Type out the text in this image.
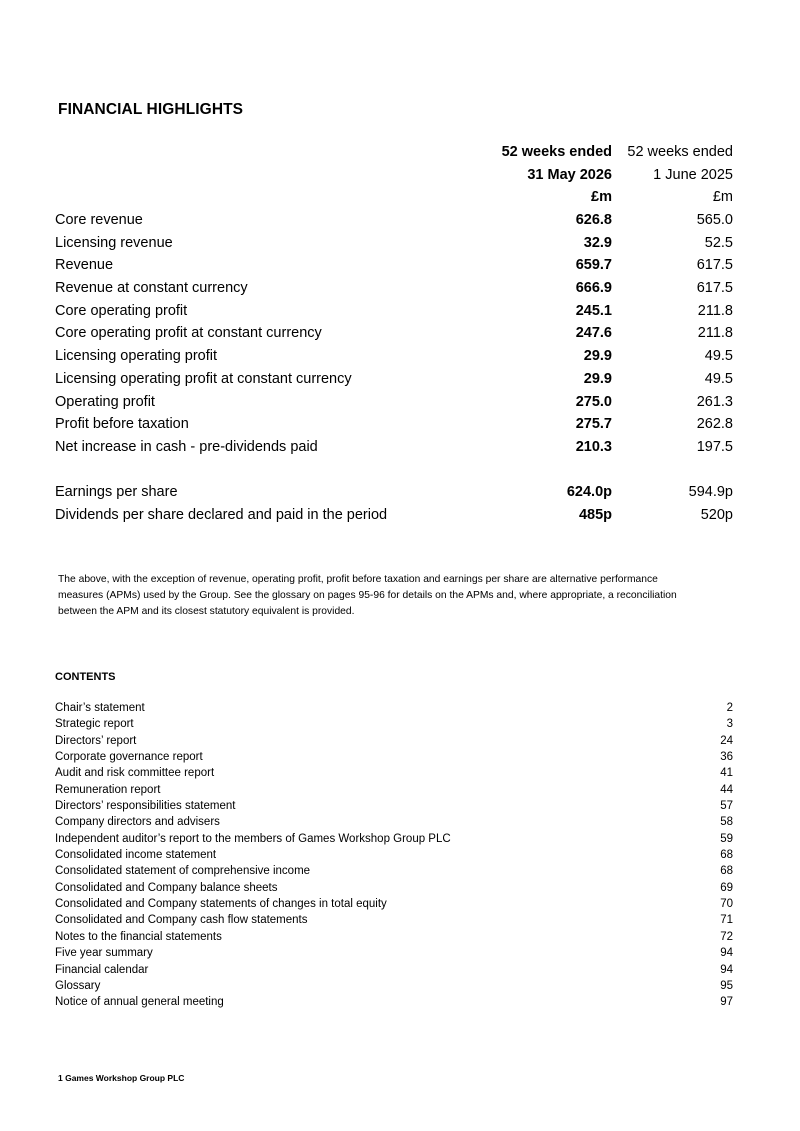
FINANCIAL HIGHLIGHTS
52 weeks ended 52 weeks ended
31 May 2026	1 June 2025
£m	£m
Core revenue	626.8	565.0
Licensing revenue	32.9	52.5
Revenue	659.7	617.5
Revenue at constant currency	666.9	617.5
Core operating profit	245.1	211.8
Core operating profit at constant currency	247.6	211.8
Licensing operating profit	29.9	49.5
Licensing operating profit at constant currency	29.9	49.5
Operating profit	275.0	261.3
Profit before taxation	275.7	262.8
Net increase in cash - pre-dividends paid	210.3	197.5
Earnings per share	624.0p	594.9p
Dividends per share declared and paid in the period	485p	520p
The above, with the exception of revenue, operating profit, profit before taxation and earnings per share are alternative performance
measures (APMs) used by the Group. See the glossary on pages 95-96 for details on the APMs and, where appropriate, a reconciliation
between the APM and its closest statutory equivalent is provided.
CONTENTS
Chair’s statement	2
Strategic report	3
Directors’ report	24
Corporate governance report	36
Audit and risk committee report	41
Remuneration report	44
Directors’ responsibilities statement	57
Company directors and advisers	58
Independent auditor’s report to the members of Games Workshop Group PLC	59
Consolidated income statement	68
Consolidated statement of comprehensive income	68
Consolidated and Company balance sheets	69
Consolidated and Company statements of changes in total equity	70
Consolidated and Company cash flow statements	71
Notes to the financial statements	72
Five year summary	94
Financial calendar	94
Glossary	95
Notice of annual general meeting	97
1 Games Workshop Group PLC
